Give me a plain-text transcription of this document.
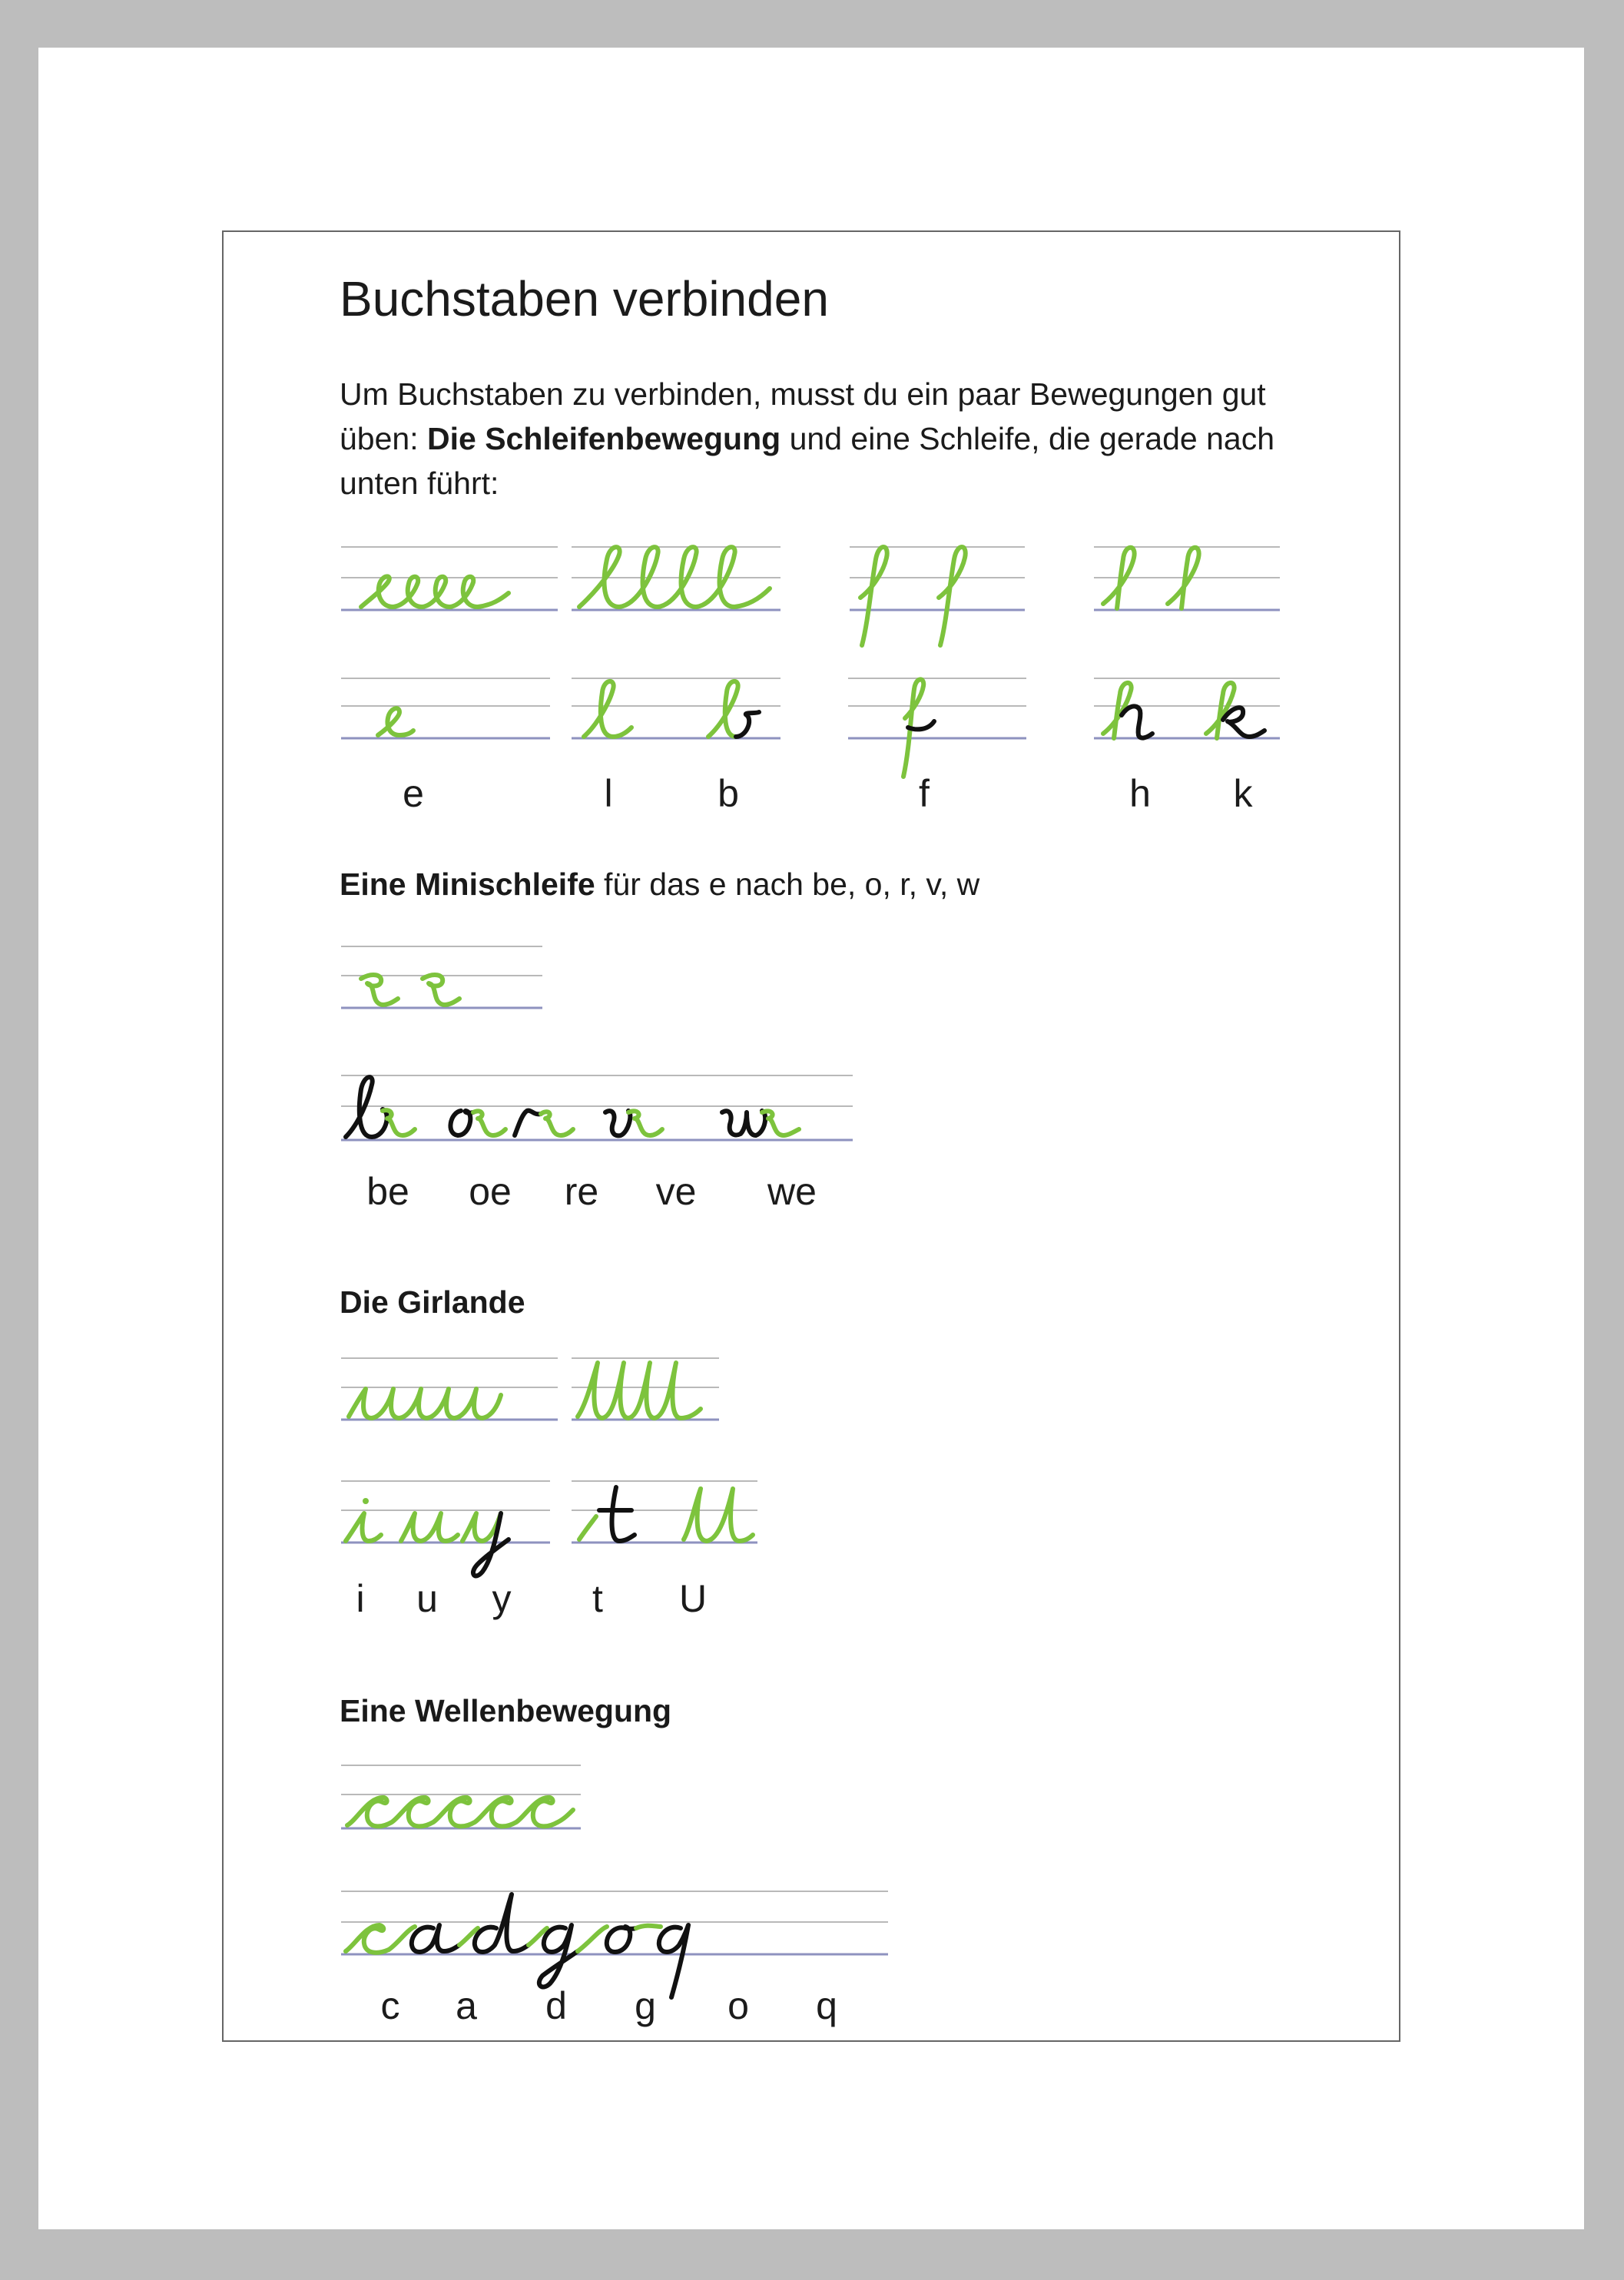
Buchstaben verbinden
Um Buchstaben zu verbinden, musst du ein paar Bewegungen gut üben: Die Schleifenbewegung und eine Schleife, die gerade nach unten führt:
e	l	b	f	h k
Eine Minischleife für das e nach be, o, r, v, w
be oe re ve we
Die Girlande
i u y t U
Eine Wellenbewegung
c a d g o q
